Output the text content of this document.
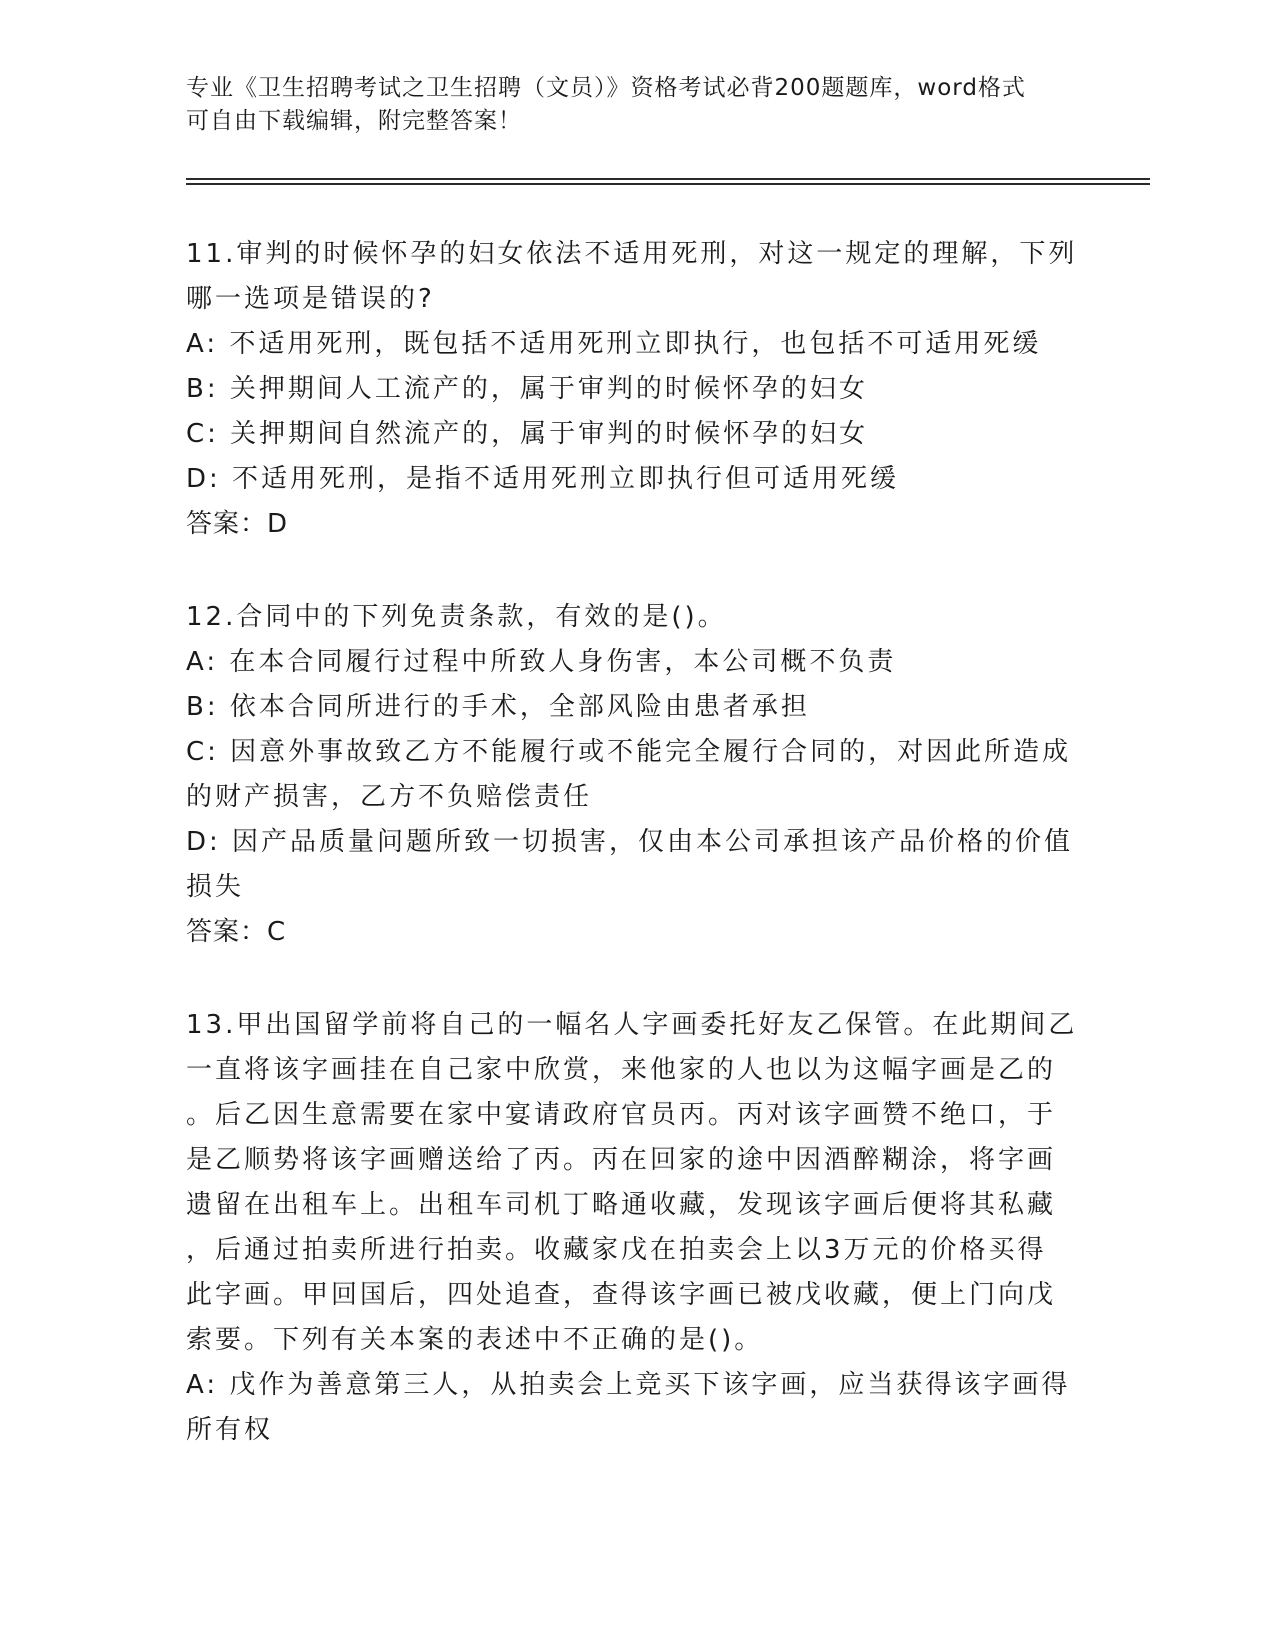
专业《卫生招聘考试之卫生招聘（文员）》资格考试必背200题题库，word格式

可自由下载编辑，附完整答案！

11.审判的时候怀孕的妇女依法不适用死刑，对这一规定的理解，下列

哪一选项是错误的?

A: 不适用死刑，既包括不适用死刑立即执行，也包括不可适用死缓

B: 关押期间人工流产的，属于审判的时候怀孕的妇女

C: 关押期间自然流产的，属于审判的时候怀孕的妇女

D: 不适用死刑，是指不适用死刑立即执行但可适用死缓

答案：D

12.合同中的下列免责条款，有效的是()。

A: 在本合同履行过程中所致人身伤害，本公司概不负责

B: 依本合同所进行的手术，全部风险由患者承担

C: 因意外事故致乙方不能履行或不能完全履行合同的，对因此所造成

的财产损害，乙方不负赔偿责任

D: 因产品质量问题所致一切损害，仅由本公司承担该产品价格的价值

损失

答案：C

13.甲出国留学前将自己的一幅名人字画委托好友乙保管。在此期间乙

一直将该字画挂在自己家中欣赏，来他家的人也以为这幅字画是乙的

。后乙因生意需要在家中宴请政府官员丙。丙对该字画赞不绝口，于

是乙顺势将该字画赠送给了丙。丙在回家的途中因酒醉糊涂，将字画

遗留在出租车上。出租车司机丁略通收藏，发现该字画后便将其私藏

，后通过拍卖所进行拍卖。收藏家戊在拍卖会上以3万元的价格买得

此字画。甲回国后，四处追查，查得该字画已被戊收藏，便上门向戊

索要。下列有关本案的表述中不正确的是()。

A: 戊作为善意第三人，从拍卖会上竞买下该字画，应当获得该字画得

所有权
